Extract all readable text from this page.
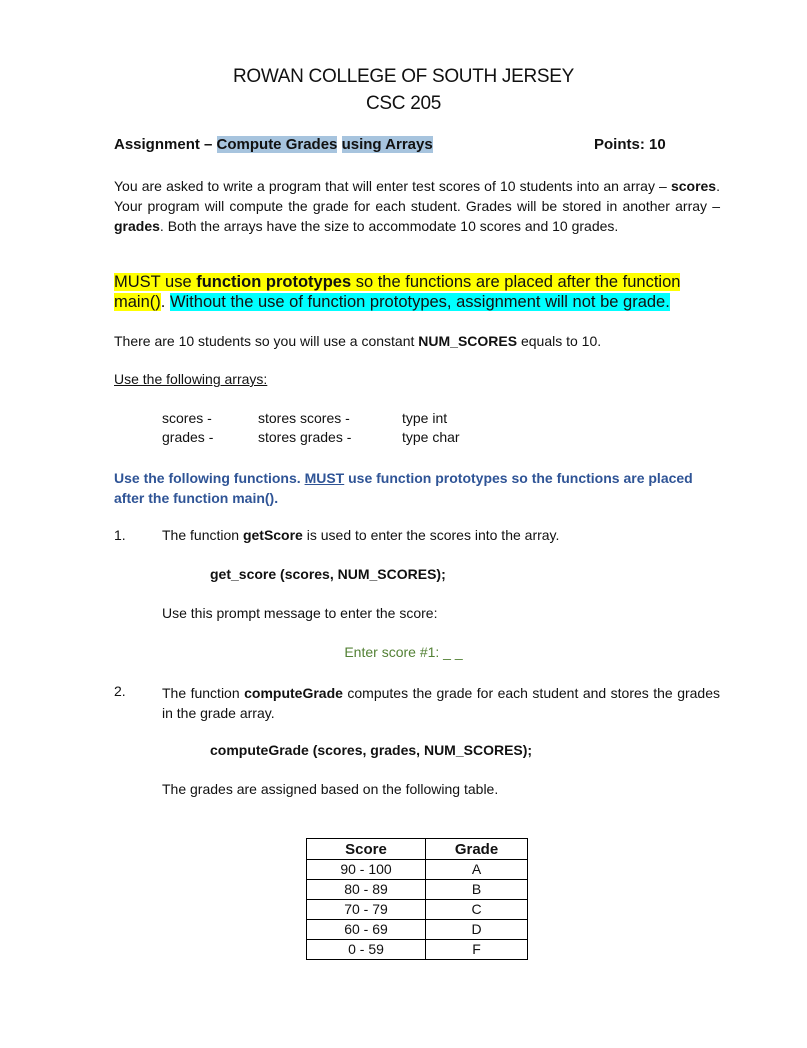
ROWAN COLLEGE OF SOUTH JERSEY
CSC 205
Assignment – Compute Grades using Arrays	Points: 10
You are asked to write a program that will enter test scores of 10 students into an array – scores. Your program will compute the grade for each student. Grades will be stored in another array – grades. Both the arrays have the size to accommodate 10 scores and 10 grades.
MUST use function prototypes so the functions are placed after the function main(). Without the use of function prototypes, assignment will not be grade.
There are 10 students so you will use a constant NUM_SCORES equals to 10.
Use the following arrays:
scores -	stores scores -	type int
grades -	stores grades -	type char
Use the following functions. MUST use function prototypes so the functions are placed after the function main().
1.	The function getScore is used to enter the scores into the array.
get_score (scores, NUM_SCORES);
Use this prompt message to enter the score:
Enter score #1: _ _
2.	The function computeGrade computes the grade for each student and stores the grades in the grade array.
computeGrade (scores, grades, NUM_SCORES);
The grades are assigned based on the following table.
Score	Grade
90 - 100	A
80 - 89	B
70 - 79	C
60 - 69	D
0 - 59	F
